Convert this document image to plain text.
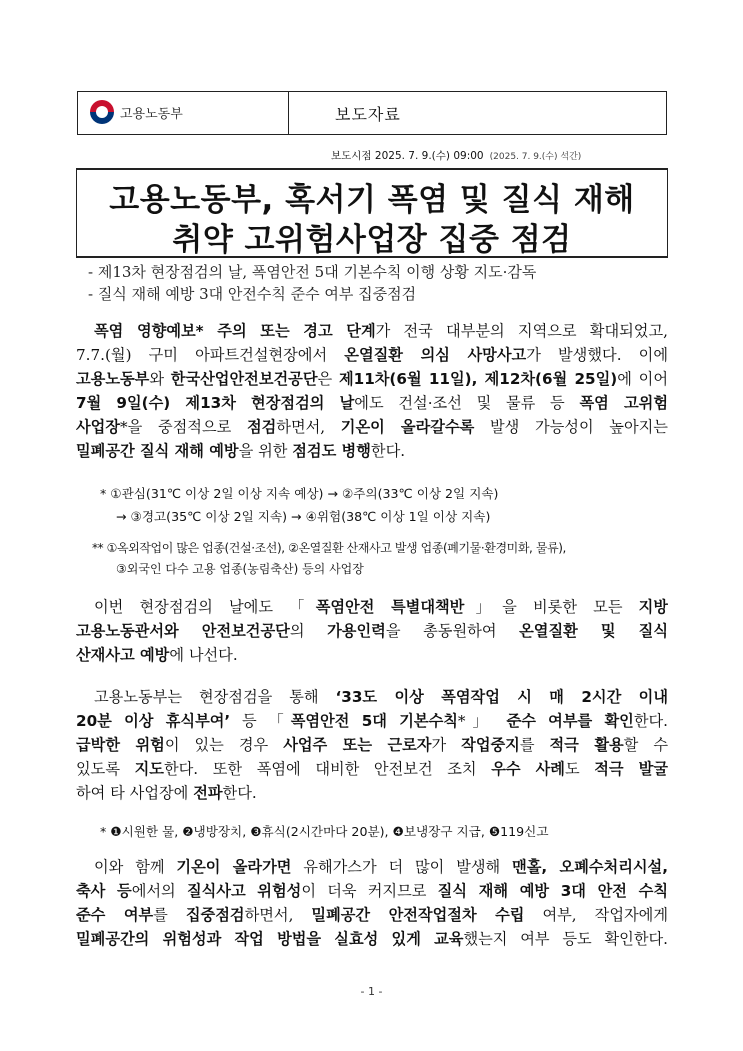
고용노동부	보도자료
보도시점 2025. 7. 9.(수) 09:00 (2025. 7. 9.(수) 석간)
고용노동부, 혹서기 폭염 및 질식 재해
취약 고위험사업장 집중 점검
- 제13차 현장점검의 날, 폭염안전 5대 기본수칙 이행 상황 지도·감독
- 질식 재해 예방 3대 안전수칙 준수 여부 집중점검
폭염 영향예보* 주의 또는 경고 단계가 전국 대부분의 지역으로 확대되었고,
7.7.(월) 구미 아파트건설현장에서 온열질환 의심 사망사고가 발생했다. 이에
고용노동부와 한국산업안전보건공단은 제11차(6월 11일), 제12차(6월 25일)에 이어
7월 9일(수) 제13차 현장점검의 날에도 건설·조선 및 물류 등 폭염 고위험
사업장*을 중점적으로 점검하면서, 기온이 올라갈수록 발생 가능성이 높아지는
밀폐공간 질식 재해 예방을 위한 점검도 병행한다.
* ①관심(31℃ 이상 2일 이상 지속 예상) → ②주의(33℃ 이상 2일 지속)
→ ③경고(35℃ 이상 2일 지속) → ④위험(38℃ 이상 1일 이상 지속)
** ①옥외작업이 많은 업종(건설·조선), ②온열질환 산재사고 발생 업종(폐기물·환경미화, 물류),
③외국인 다수 고용 업종(농림축산) 등의 사업장
이번 현장점검의 날에도 「폭염안전 특별대책반」을 비롯한 모든 지방
고용노동관서와 안전보건공단의 가용인력을 총동원하여 온열질환 및 질식
산재사고 예방에 나선다.
고용노동부는 현장점검을 통해 ‘33도 이상 폭염작업 시 매 2시간 이내
20분 이상 휴식부여’ 등 「폭염안전 5대 기본수칙*」 준수 여부를 확인한다.
급박한 위험이 있는 경우 사업주 또는 근로자가 작업중지를 적극 활용할 수
있도록 지도한다. 또한 폭염에 대비한 안전보건 조치 우수 사례도 적극 발굴
하여 타 사업장에 전파한다.
* ❶시원한 물, ❷냉방장치, ❸휴식(2시간마다 20분), ❹보냉장구 지급, ❺119신고
이와 함께 기온이 올라가면 유해가스가 더 많이 발생해 맨홀, 오폐수처리시설,
축사 등에서의 질식사고 위험성이 더욱 커지므로 질식 재해 예방 3대 안전 수칙
준수 여부를 집중점검하면서, 밀폐공간 안전작업절차 수립 여부, 작업자에게
밀폐공간의 위험성과 작업 방법을 실효성 있게 교육했는지 여부 등도 확인한다.
- 1 -
